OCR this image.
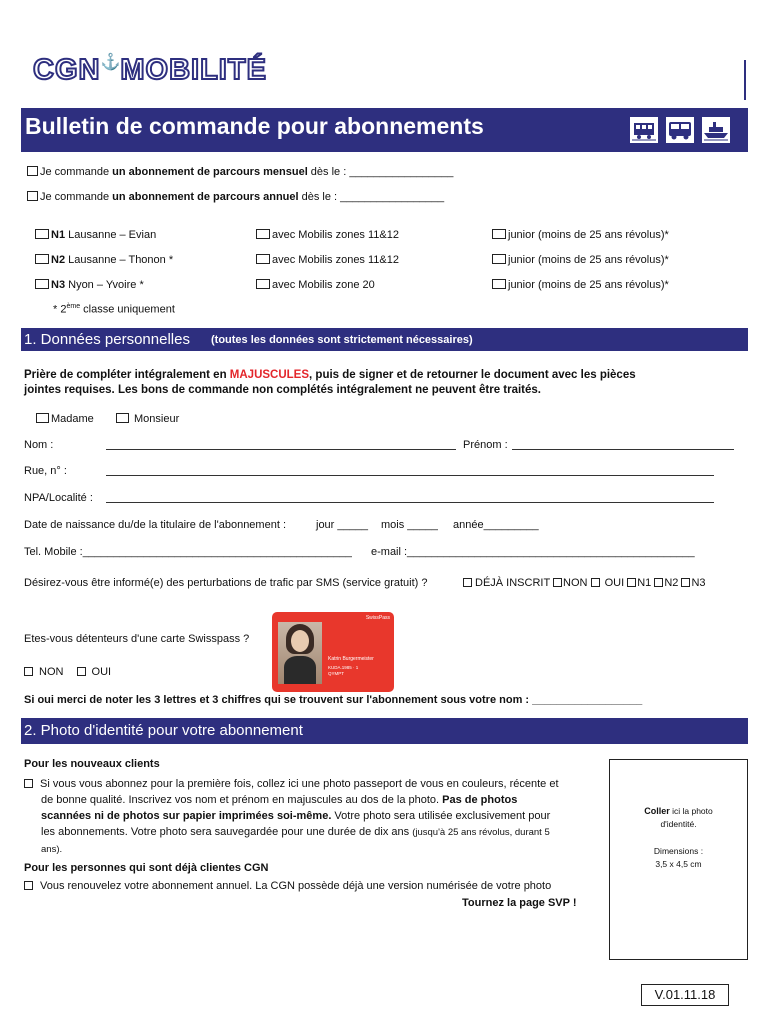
CGN⚓MOBILITÉ
Bulletin de commande pour abonnements
Je commande un abonnement de parcours mensuel dès le : _________________
Je commande un abonnement de parcours annuel dès le : _________________
N1 Lausanne – Evian	avec Mobilis zones 11&12	junior (moins de 25 ans révolus)*
N2 Lausanne – Thonon *	avec Mobilis zones 11&12	junior (moins de 25 ans révolus)*
N3 Nyon – Yvoire *	avec Mobilis zone 20	junior (moins de 25 ans révolus)*
* 2ème classe uniquement
1. Données personnelles (toutes les données sont strictement nécessaires)
Prière de compléter intégralement en MAJUSCULES, puis de signer et de retourner le document avec les pièces
jointes requises. Les bons de commande non complétés intégralement ne peuvent être traités.
Madame	Monsieur
Nom :	Prénom :
Rue, n° :
NPA/Localité :
Date de naissance du/de la titulaire de l'abonnement :	jour _____ mois _____ année_________
Tel. Mobile :____________________________________________ e-mail :_______________________________________________
Désirez-vous être informé(e) des perturbations de trafic par SMS (service gratuit) ?	DÉJÀ INSCRIT NON OUI N1 N2 N3
SwissPass
Katrin Burgermeister
KUDA.1985 · 1
QYMPT
Etes-vous détenteurs d'une carte Swisspass ?
NON	OUI
Si oui merci de noter les 3 lettres et 3 chiffres qui se trouvent sur l'abonnement sous votre nom : __________________
2. Photo d'identité pour votre abonnement
Pour les nouveaux clients
Si vous vous abonnez pour la première fois, collez ici une photo passeport de vous en couleurs, récente et
de bonne qualité. Inscrivez vos nom et prénom en majuscules au dos de la photo. Pas de photos
scannées ni de photos sur papier imprimées soi-même. Votre photo sera utilisée exclusivement pour
les abonnements. Votre photo sera sauvegardée pour une durée de dix ans (jusqu'à 25 ans révolus, durant 5
ans).
Pour les personnes qui sont déjà clientes CGN
Vous renouvelez votre abonnement annuel. La CGN possède déjà une version numérisée de votre photo
Tournez la page SVP !
Coller ici la photo
d'identité.
Dimensions :
3,5 x 4,5 cm
V.01.11.18
